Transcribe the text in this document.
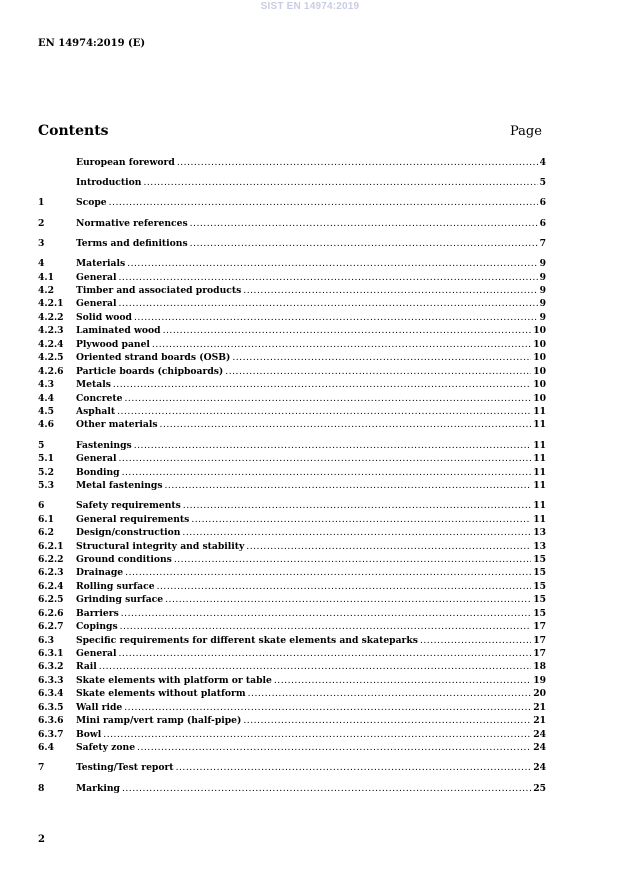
SIST EN 14974:2019
EN 14974:2019 (E)
Contents	Page
European foreword .....	4
Introduction .....	5
1	Scope .....	6
2	Normative references .....	6
3	Terms and definitions .....	7
4	Materials .....	9
4.1	General .....	9
4.2	Timber and associated products .....	9
4.2.1	General .....	9
4.2.2	Solid wood .....	9
4.2.3	Laminated wood .....	10
4.2.4	Plywood panel .....	10
4.2.5	Oriented strand boards (OSB) .....	10
4.2.6	Particle boards (chipboards) .....	10
4.3	Metals .....	10
4.4	Concrete .....	10
4.5	Asphalt .....	11
4.6	Other materials .....	11
5	Fastenings .....	11
5.1	General .....	11
5.2	Bonding .....	11
5.3	Metal fastenings .....	11
6	Safety requirements .....	11
6.1	General requirements .....	11
6.2	Design/construction .....	13
6.2.1	Structural integrity and stability .....	13
6.2.2	Ground conditions .....	15
6.2.3	Drainage .....	15
6.2.4	Rolling surface .....	15
6.2.5	Grinding surface .....	15
6.2.6	Barriers .....	15
6.2.7	Copings .....	17
6.3	Specific requirements for different skate elements and skateparks .....	17
6.3.1	General .....	17
6.3.2	Rail .....	18
6.3.3	Skate elements with platform or table .....	19
6.3.4	Skate elements without platform .....	20
6.3.5	Wall ride .....	21
6.3.6	Mini ramp/vert ramp (half-pipe) .....	21
6.3.7	Bowl .....	24
6.4	Safety zone .....	24
7	Testing/Test report .....	24
8	Marking .....	25
2
